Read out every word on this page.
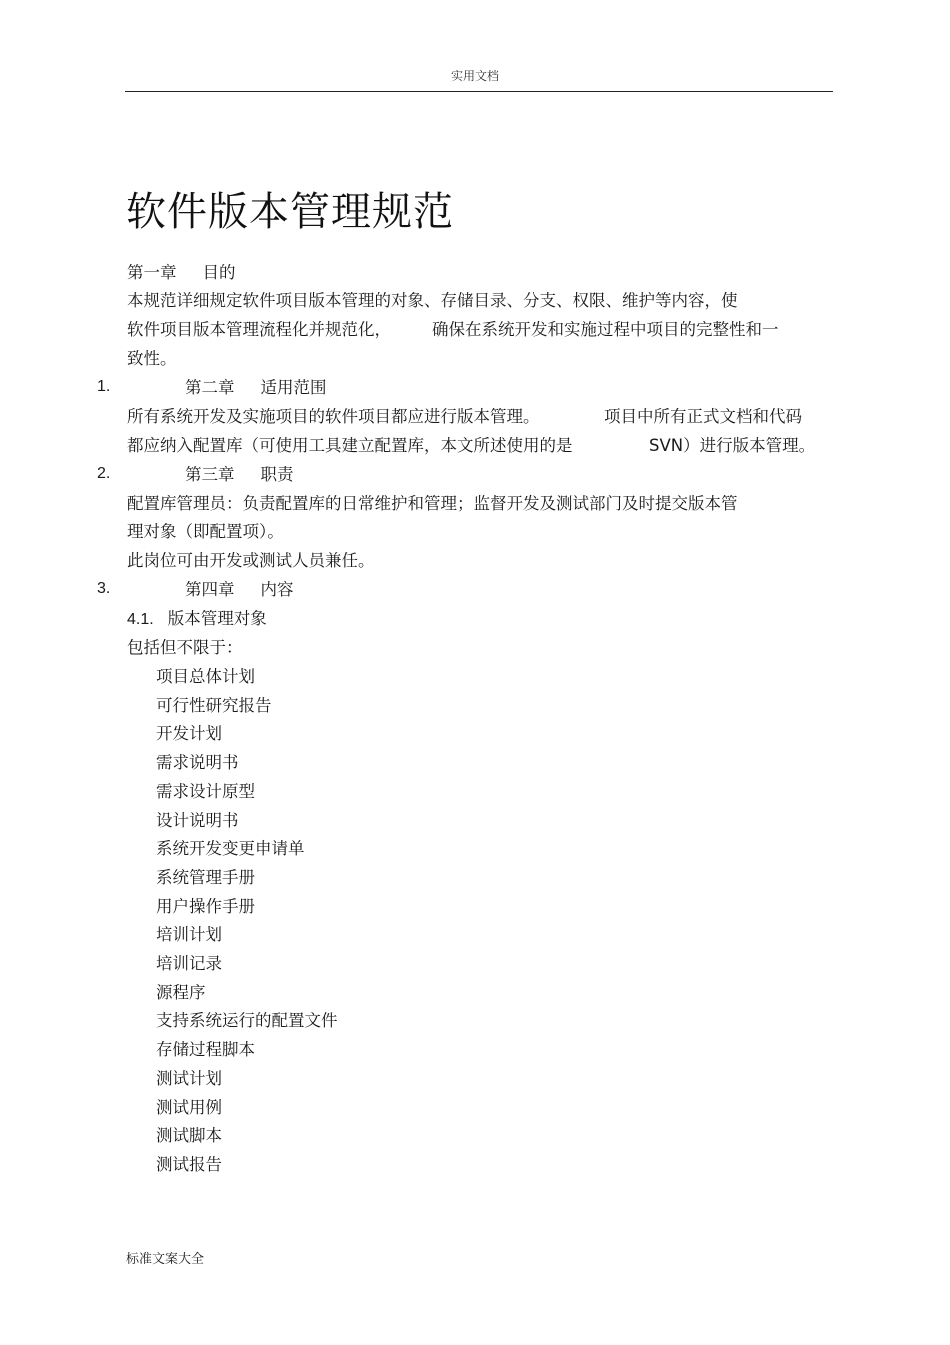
实用文档
软件版本管理规范
第一章 目的
本规范详细规定软件项目版本管理的对象、存储目录、分支、权限、维护等内容，使
软件项目版本管理流程化并规范化， 确保在系统开发和实施过程中项目的完整性和一
致性。
1.	第二章 适用范围
所有系统开发及实施项目的软件项目都应进行版本管理。	项目中所有正式文档和代码
都应纳入配置库（可使用工具建立配置库，本文所述使用的是	SVN）进行版本管理。
2.	第三章 职责
配置库管理员：负责配置库的日常维护和管理；监督开发及测试部门及时提交版本管
理对象（即配置项）。
此岗位可由开发或测试人员兼任。
3.	第四章 内容
4.1. 版本管理对象
包括但不限于：
项目总体计划
可行性研究报告
开发计划
需求说明书
需求设计原型
设计说明书
系统开发变更申请单
系统管理手册
用户操作手册
培训计划
培训记录
源程序
支持系统运行的配置文件
存储过程脚本
测试计划
测试用例
测试脚本
测试报告
标准文案大全
